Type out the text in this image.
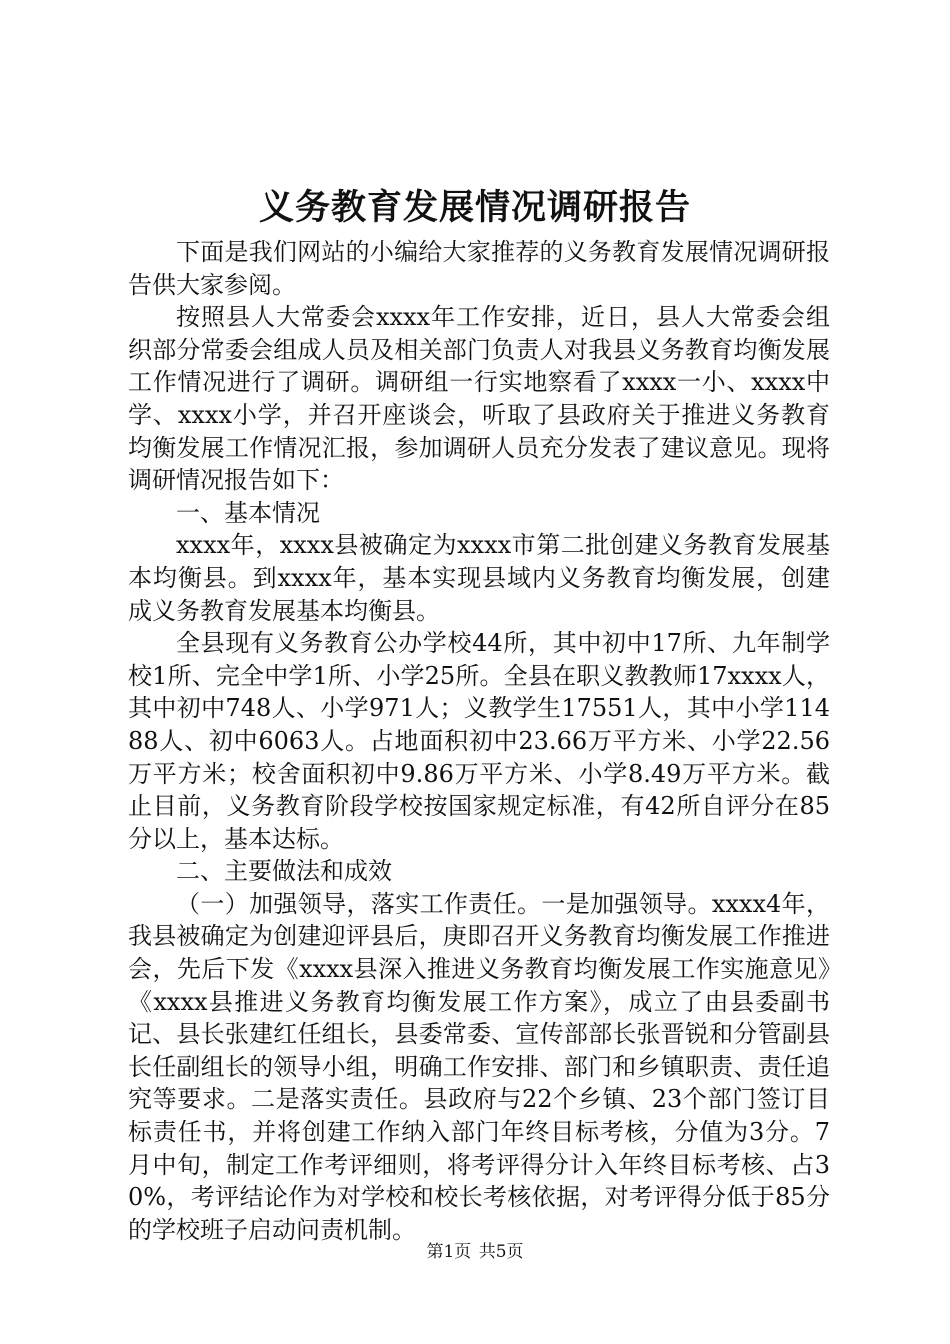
义务教育发展情况调研报告

下面是我们网站的小编给大家推荐的义务教育发展情况调研报告供大家参阅。

按照县人大常委会xxxx年工作安排，近日，县人大常委会组织部分常委会组成人员及相关部门负责人对我县义务教育均衡发展工作情况进行了调研。调研组一行实地察看了xxxx一小、xxxx中学、xxxx小学，并召开座谈会，听取了县政府关于推进义务教育均衡发展工作情况汇报，参加调研人员充分发表了建议意见。现将调研情况报告如下：

一、基本情况

xxxx年，xxxx县被确定为xxxx市第二批创建义务教育发展基本均衡县。到xxxx年，基本实现县域内义务教育均衡发展，创建成义务教育发展基本均衡县。

全县现有义务教育公办学校44所，其中初中17所、九年制学校1所、完全中学1所、小学25所。全县在职义教教师17xxxx人，其中初中748人、小学971人；义教学生17551人，其中小学11488人、初中6063人。占地面积初中23.66万平方米、小学22.56万平方米；校舍面积初中9.86万平方米、小学8.49万平方米。截止目前，义务教育阶段学校按国家规定标准，有42所自评分在85分以上，基本达标。

二、主要做法和成效

（一）加强领导，落实工作责任。一是加强领导。xxxx4年，我县被确定为创建迎评县后，庚即召开义务教育均衡发展工作推进会，先后下发《xxxx县深入推进义务教育均衡发展工作实施意见》《xxxx县推进义务教育均衡发展工作方案》，成立了由县委副书记、县长张建红任组长，县委常委、宣传部部长张晋锐和分管副县长任副组长的领导小组，明确工作安排、部门和乡镇职责、责任追究等要求。二是落实责任。县政府与22个乡镇、23个部门签订目标责任书，并将创建工作纳入部门年终目标考核，分值为3分。7月中旬，制定工作考评细则，将考评得分计入年终目标考核、占30%，考评结论作为对学校和校长考核依据，对考评得分低于85分的学校班子启动问责机制。

第1页 共5页
